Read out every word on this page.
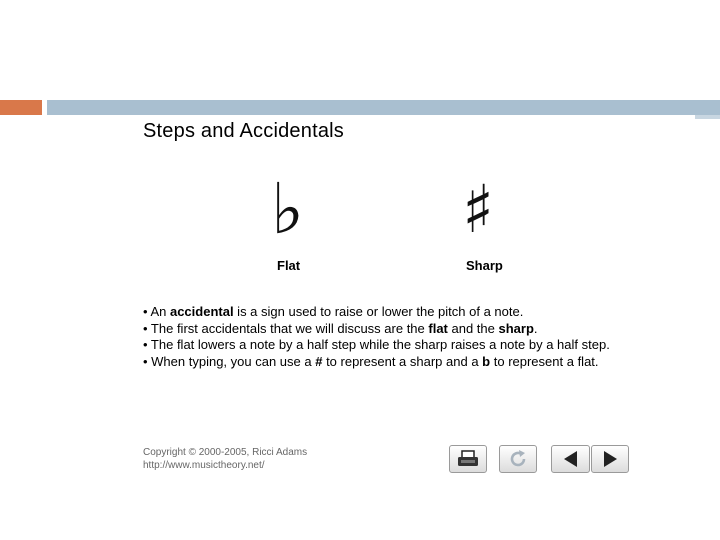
Steps and Accidentals
♭
Flat
♯
Sharp

• An accidental is a sign used to raise or lower the pitch of a note.

• The first accidentals that we will discuss are the flat and the sharp.

• The flat lowers a note by a half step while the sharp raises a note by a half step.

• When typing, you can use a # to represent a sharp and a b to represent a flat.

Copyright © 2000-2005, Ricci Adams
http://www.musictheory.net/
